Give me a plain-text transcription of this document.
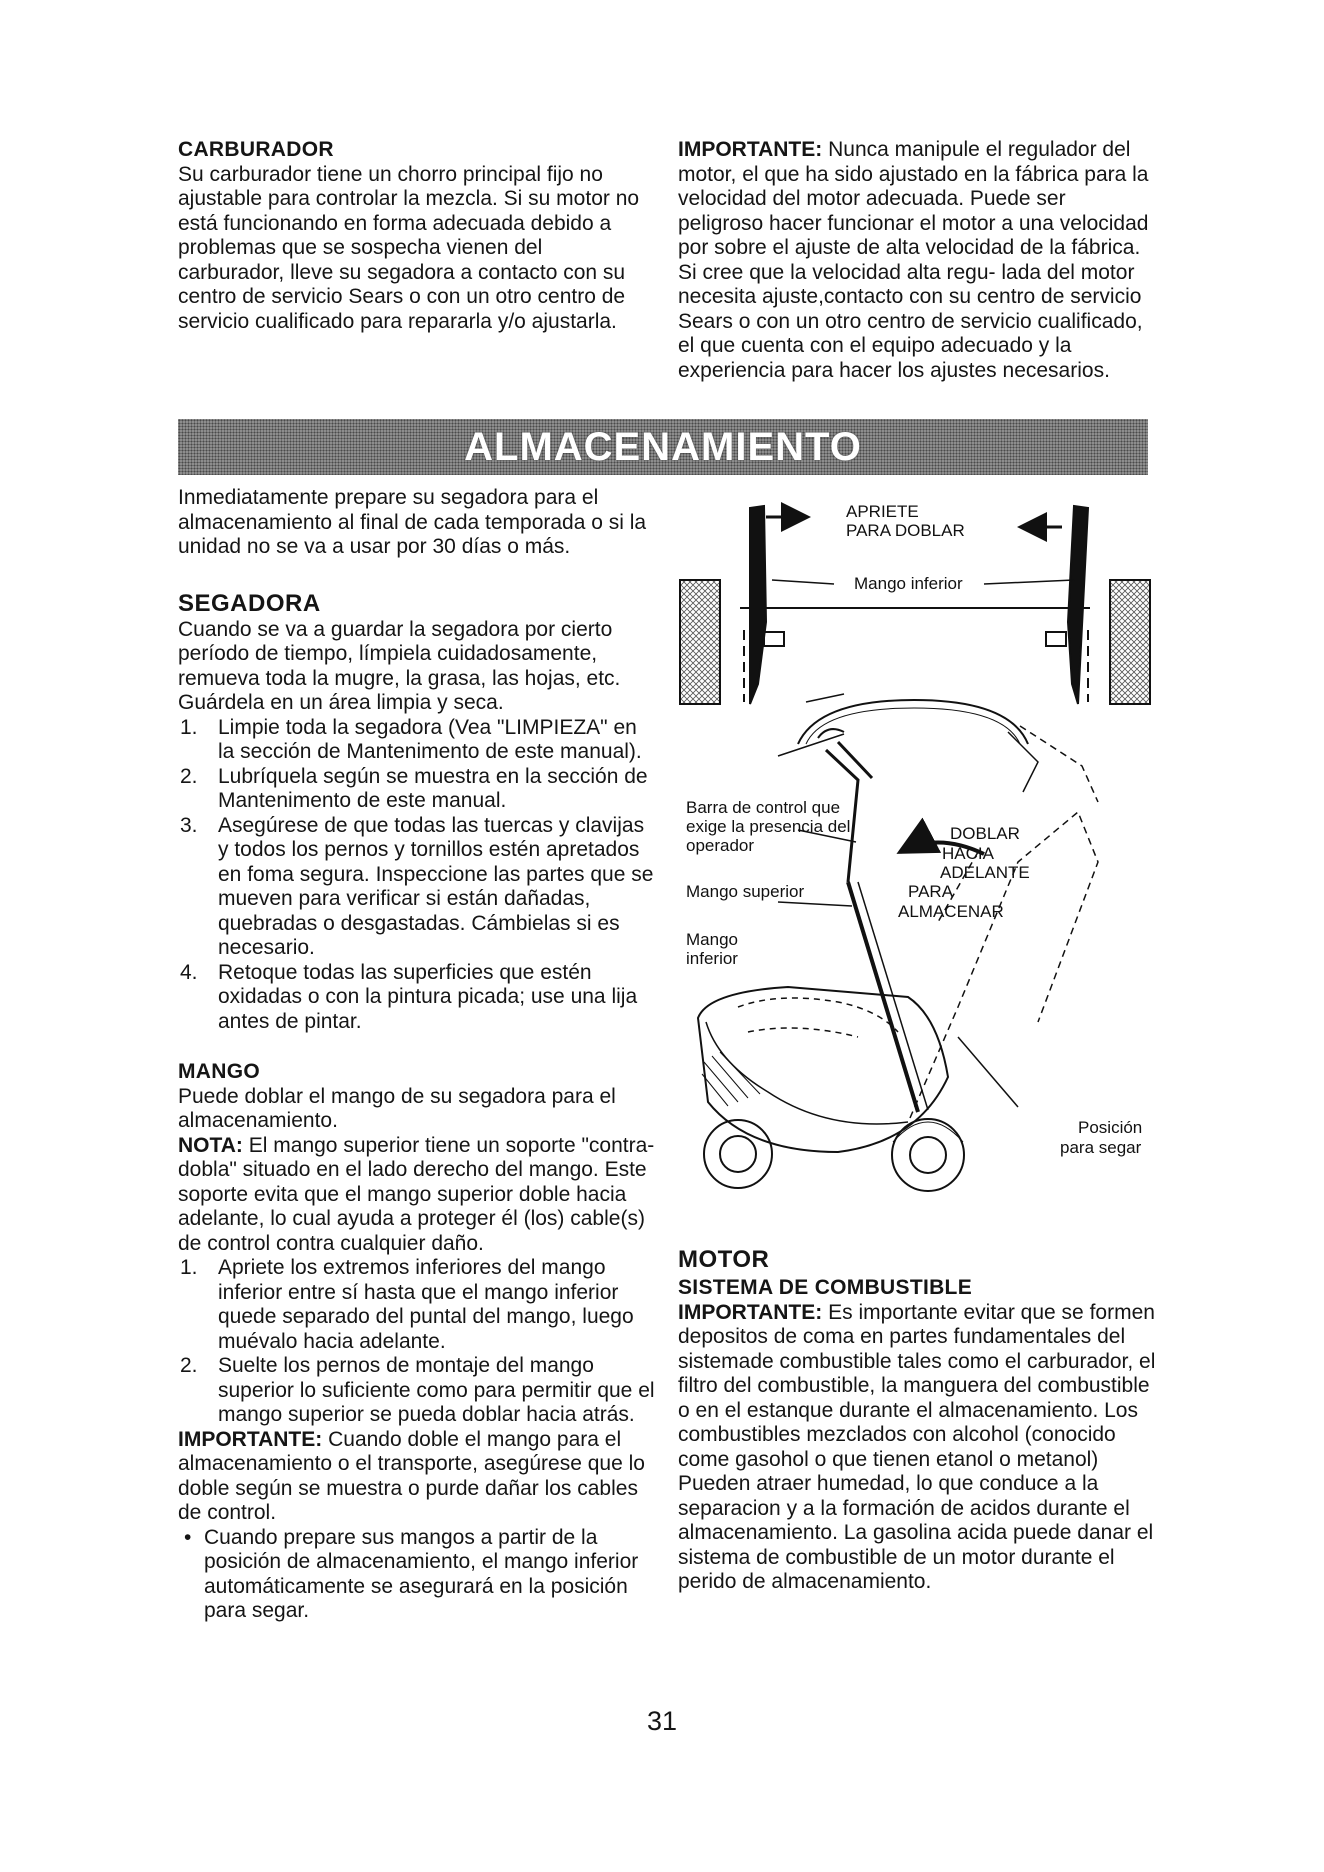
CARBURADOR

Su carburador tiene un chorro principal fijo no ajustable para controlar la mezcla. Si su motor no está funcionando en forma adecuada debido a problemas que se sospecha vienen del carburador, lleve su segadora a contacto con su centro de servicio Sears o con un otro centro de servicio cualificado para repararla y/o ajustarla.

IMPORTANTE: Nunca manipule el regulador del motor, el que ha sido ajustado en la fábrica para la velocidad del motor adecuada. Puede ser peligroso hacer funcionar el motor a una velocidad por sobre el ajuste de alta velocidad de la fábrica. Si cree que la velocidad alta regu- lada del motor necesita ajuste,contacto con su centro de servicio Sears o con un otro centro de servicio cualificado, el que cuenta con el equipo adecuado y la experiencia para hacer los ajustes necesarios.

ALMACENAMIENTO

Inmediatamente prepare su segadora para el almacenamiento al final de cada temporada o si la unidad no se va a usar por 30 días o más.

SEGADORA

Cuando se va a guardar la segadora por cierto período de tiempo, límpiela cuidadosamente, remueva toda la mugre, la grasa, las hojas, etc. Guárdela en un área limpia y seca.

1. Limpie toda la segadora (Vea "LIMPIEZA" en la sección de Mantenimento de este manual).
2. Lubríquela según se muestra en la sección de Mantenimento de este manual.
3. Asegúrese de que todas las tuercas y clavijas y todos los pernos y tornillos estén apretados en foma segura. Inspeccione las partes que se mueven para verificar si están dañadas, quebradas o desgastadas. Cámbielas si es necesario.
4. Retoque todas las superficies que estén oxidadas o con la pintura picada; use una lija antes de pintar.
MANGO

Puede doblar el mango de su segadora para el almacenamiento.

NOTA: El mango superior tiene un soporte "contra-dobla" situado en el lado derecho del mango. Este soporte evita que el mango superior doble hacia adelante, lo cual ayuda a proteger él (los) cable(s) de control contra cualquier daño.

1. Apriete los extremos inferiores del mango inferior entre sí hasta que el mango inferior quede separado del puntal del mango, luego muévalo hacia adelante.
2. Suelte los pernos de montaje del mango superior lo suficiente como para permitir que el mango superior se pueda doblar hacia atrás.

IMPORTANTE: Cuando doble el mango para el almacenamiento o el transporte, asegúrese que lo doble según se muestra o purde dañar los cables de control.

• Cuando prepare sus mangos a partir de la posición de almacenamiento, el mango inferior automáticamente se asegurará en la posición para segar.
APRIETE
PARA DOBLAR
Mango inferior
Barra de control que
exige la presencia del
operador
Mango superior
Mango
inferior
DOBLAR
HACIA
ADELANTE
PARA
ALMACENAR
Posición
para segar
MOTOR
SISTEMA DE COMBUSTIBLE

IMPORTANTE: Es importante evitar que se formen depositos de coma en partes fundamentales del sistemade combustible tales como el carburador, el filtro del combustible, la manguera del combustible o en el estanque durante el almacenamiento. Los combustibles mezclados con alcohol (conocido come gasohol o que tienen etanol o metanol) Pueden atraer humedad, lo que conduce a la separacion y a la formación de acidos durante el almacenamiento. La gasolina acida puede danar el sistema de combustible de un motor durante el perido de almacenamiento.

31
